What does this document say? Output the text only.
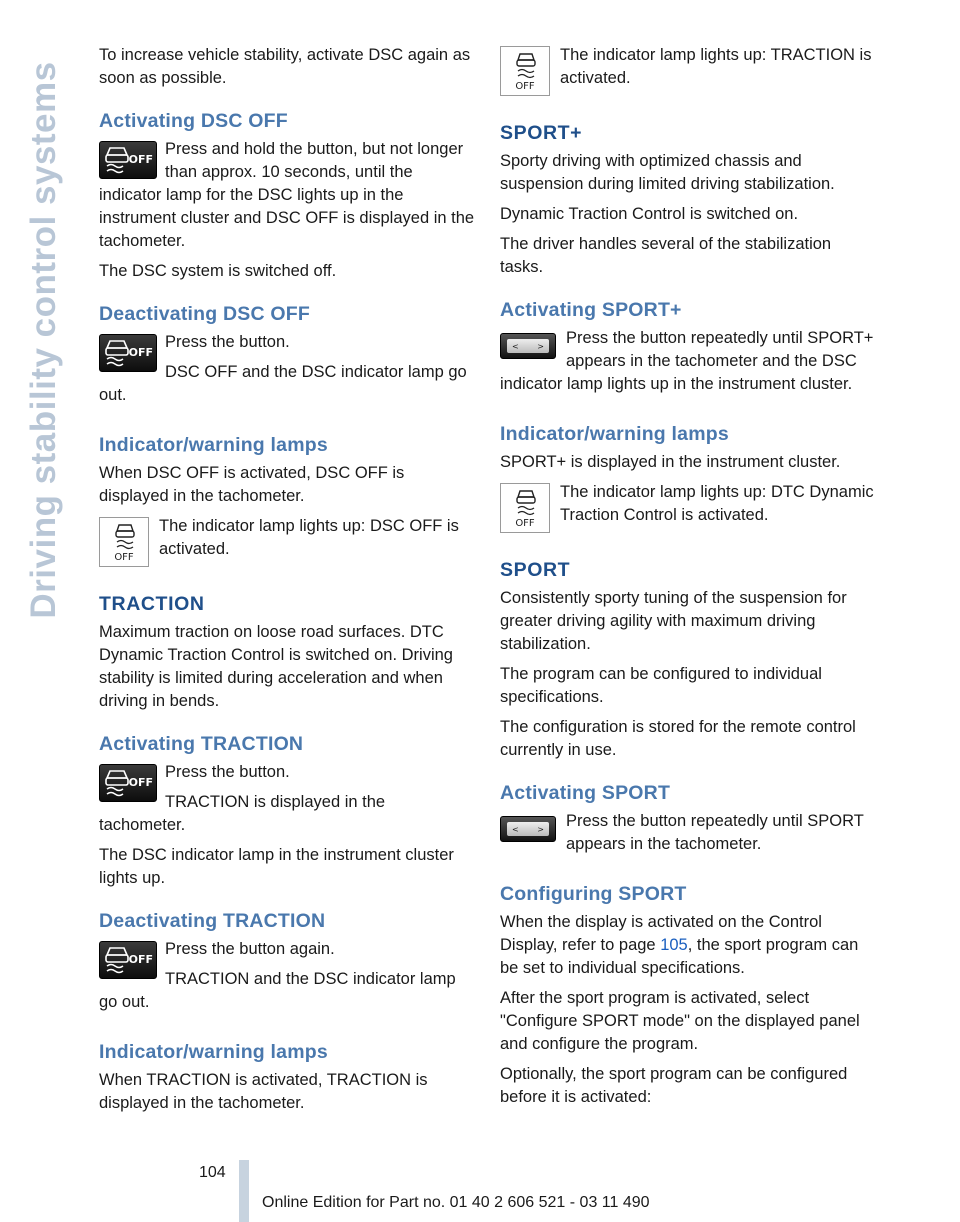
Driving stability control systems

To increase vehicle stability, activate DSC again as soon as possible.

Activating DSC OFF
OFF

Press and hold the button, but not longer than approx. 10 seconds, until the indicator lamp for the DSC lights up in the instrument cluster and DSC OFF is displayed in the tachometer.

The DSC system is switched off.

Deactivating DSC OFF
OFF

Press the button.

DSC OFF and the DSC indicator lamp go out.

Indicator/warning lamps

When DSC OFF is activated, DSC OFF is displayed in the tachometer.

OFF

The indicator lamp lights up: DSC OFF is activated.

TRACTION

Maximum traction on loose road surfaces. DTC Dynamic Traction Control is switched on. Driving stability is limited during acceleration and when driving in bends.

Activating TRACTION
OFF

Press the button.

TRACTION is displayed in the tachometer.

The DSC indicator lamp in the instrument cluster lights up.

Deactivating TRACTION
OFF

Press the button again.

TRACTION and the DSC indicator lamp go out.

Indicator/warning lamps

When TRACTION is activated, TRACTION is displayed in the tachometer.

OFF

The indicator lamp lights up: TRACTION is activated.

SPORT+

Sporty driving with optimized chassis and suspension during limited driving stabilization.

Dynamic Traction Control is switched on.

The driver handles several of the stabilization tasks.

Activating SPORT+
< >	Press the button repeatedly until SPORT+ appears in the tachometer and the DSC indicator lamp lights up in the instrument cluster.

Indicator/warning lamps

SPORT+ is displayed in the instrument cluster.

OFF

The indicator lamp lights up: DTC Dynamic Traction Control is activated.

SPORT

Consistently sporty tuning of the suspension for greater driving agility with maximum driving stabilization.

The program can be configured to individual specifications.

The configuration is stored for the remote control currently in use.

Activating SPORT
< >	Press the button repeatedly until SPORT appears in the tachometer.

Configuring SPORT

When the display is activated on the Control Display, refer to page 105, the sport program can be set to individual specifications.

After the sport program is activated, select "Configure SPORT mode" on the displayed panel and configure the program.

Optionally, the sport program can be configured before it is activated:

104
Online Edition for Part no. 01 40 2 606 521 - 03 11 490
